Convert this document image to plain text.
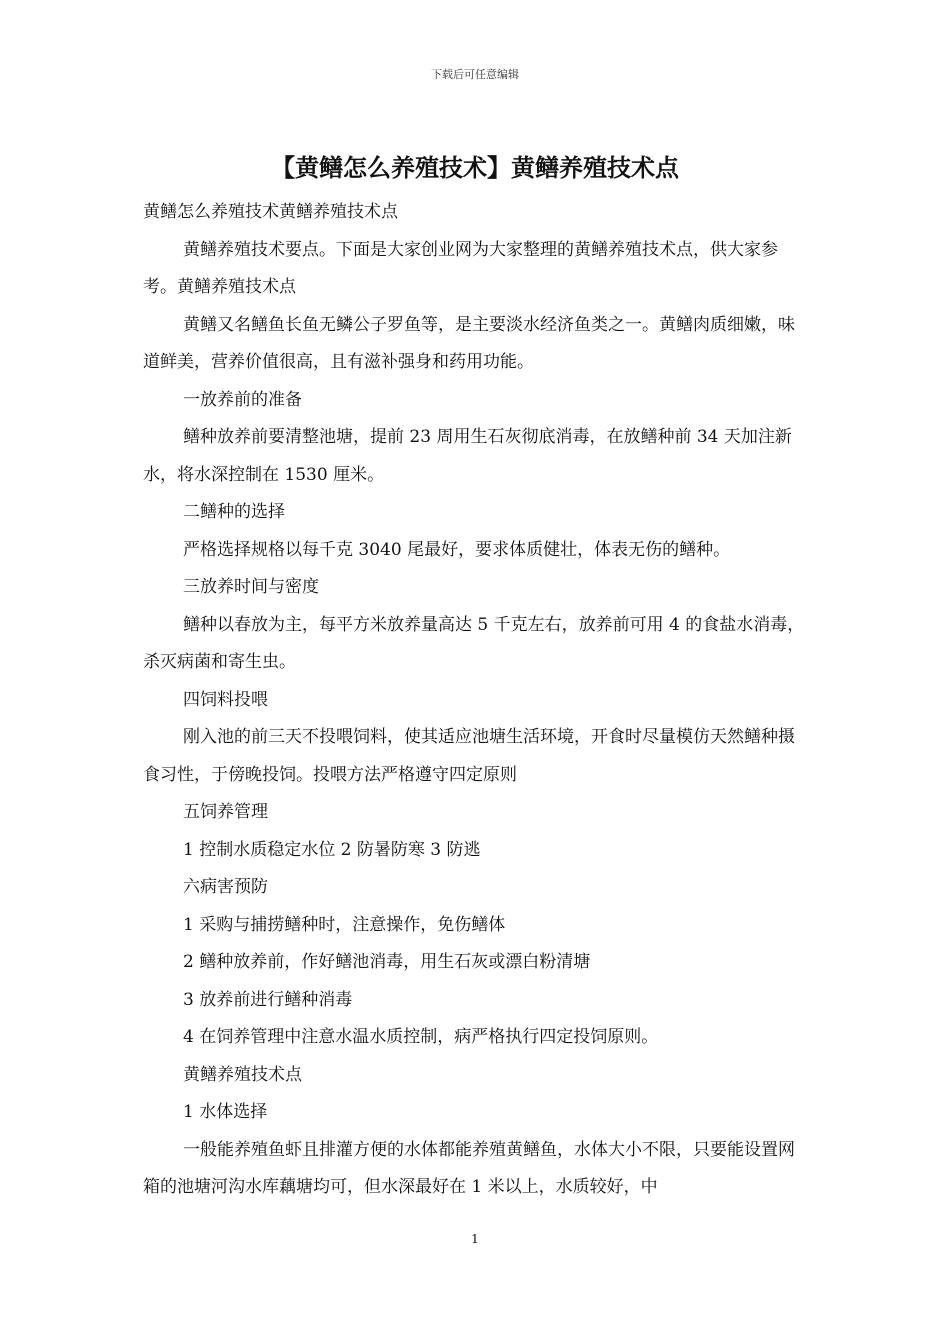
下载后可任意编辑
【黄鳝怎么养殖技术】黄鳝养殖技术点

黄鳝怎么养殖技术黄鳝养殖技术点

黄鳝养殖技术要点。下面是大家创业网为大家整理的黄鳝养殖技术点，供大家参考。黄鳝养殖技术点

黄鳝又名鳝鱼长鱼无鳞公子罗鱼等，是主要淡水经济鱼类之一。黄鳝肉质细嫩，味道鲜美，营养价值很高，且有滋补强身和药用功能。

一放养前的准备

鳝种放养前要清整池塘，提前 23 周用生石灰彻底消毒，在放鳝种前 34 天加注新水，将水深控制在 1530 厘米。

二鳝种的选择

严格选择规格以每千克 3040 尾最好，要求体质健壮，体表无伤的鳝种。

三放养时间与密度

鳝种以春放为主，每平方米放养量高达 5 千克左右，放养前可用 4 的食盐水消毒，杀灭病菌和寄生虫。

四饲料投喂

刚入池的前三天不投喂饲料，使其适应池塘生活环境，开食时尽量模仿天然鳝种摄食习性，于傍晚投饲。投喂方法严格遵守四定原则

五饲养管理

1 控制水质稳定水位 2 防暑防寒 3 防逃

六病害预防

1 采购与捕捞鳝种时，注意操作，免伤鳝体

2 鳝种放养前，作好鳝池消毒，用生石灰或漂白粉清塘

3 放养前进行鳝种消毒

4 在饲养管理中注意水温水质控制，病严格执行四定投饲原则。

黄鳝养殖技术点

1 水体选择

一般能养殖鱼虾且排灌方便的水体都能养殖黄鳝鱼，水体大小不限，只要能设置网箱的池塘河沟水库藕塘均可，但水深最好在 1 米以上，水质较好，中

1
